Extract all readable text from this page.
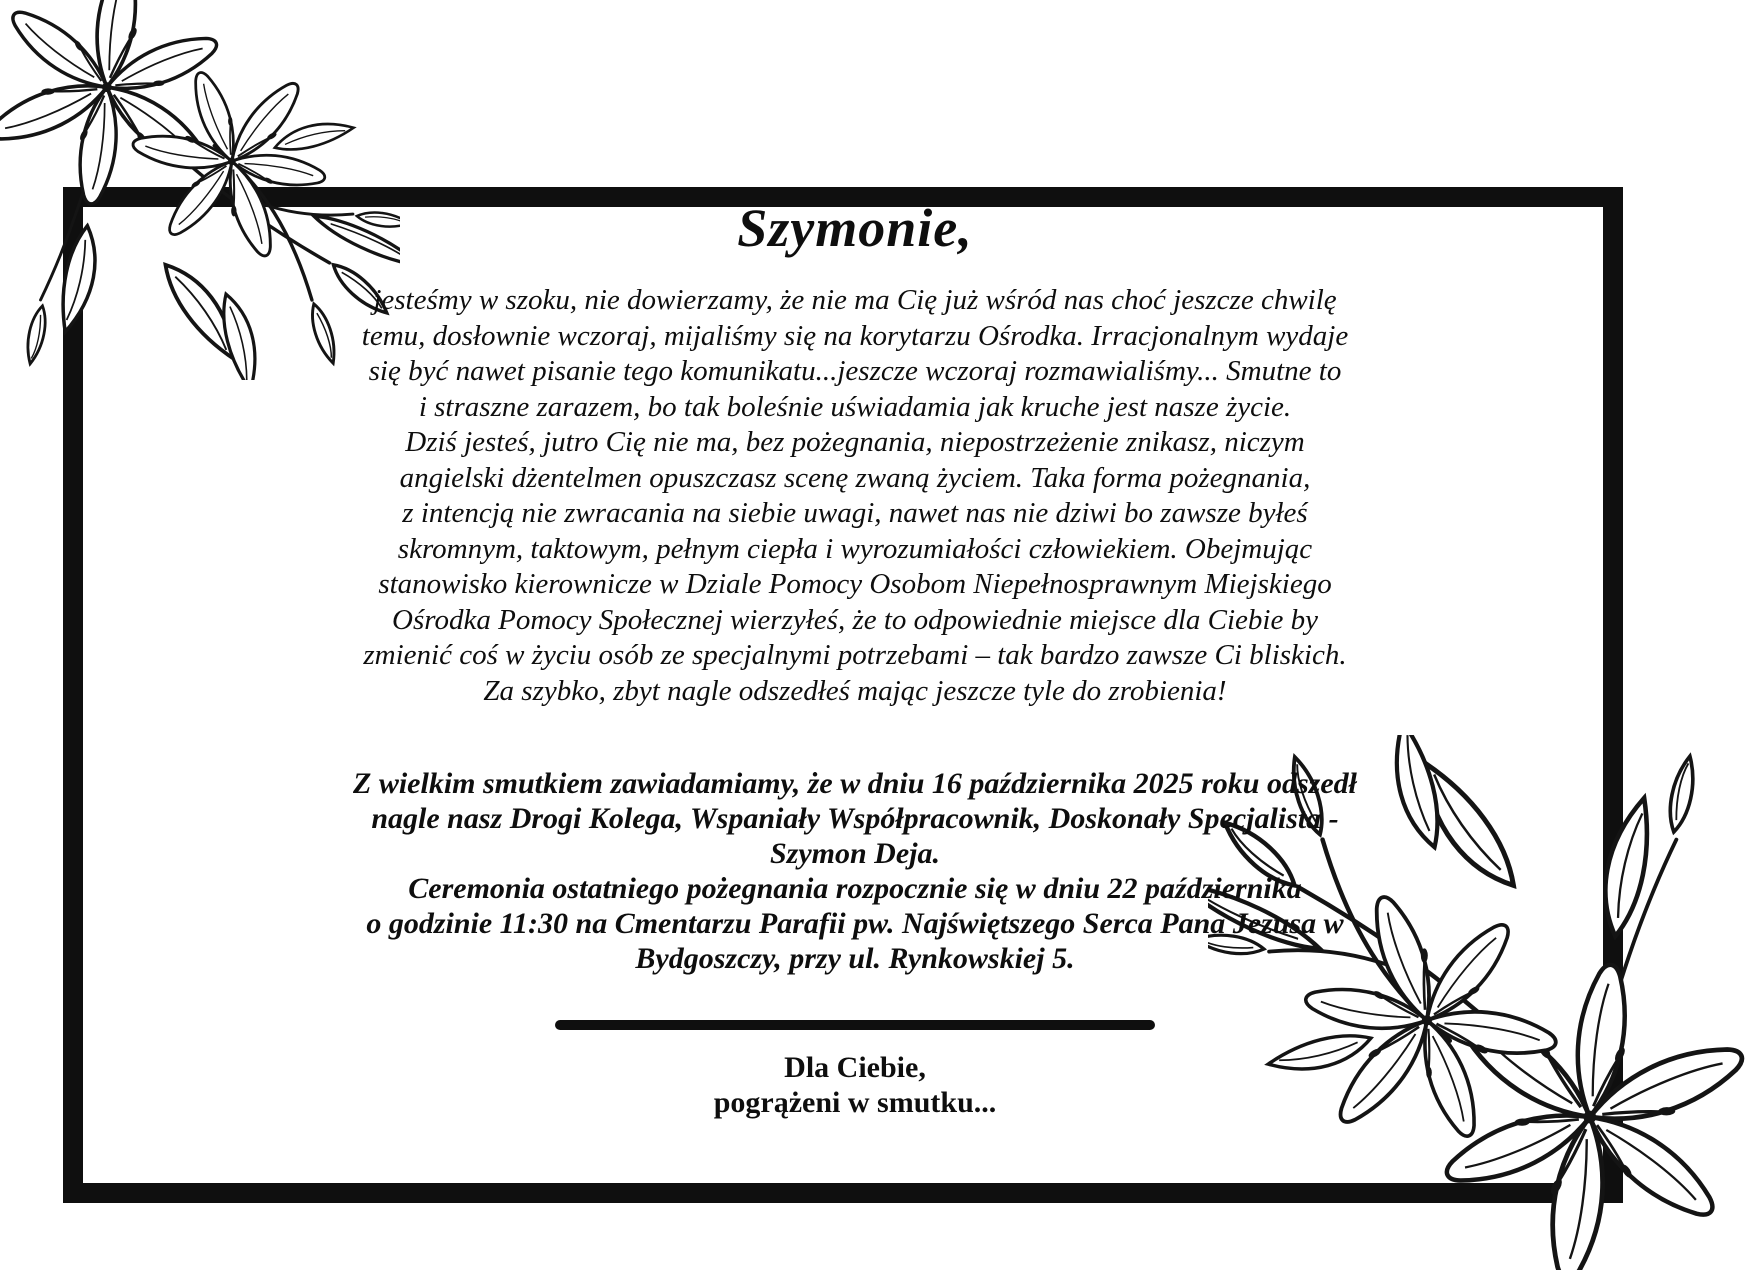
Szymonie,
jesteśmy w szoku, nie dowierzamy, że nie ma Cię już wśród nas choć jeszcze chwilę
temu, dosłownie wczoraj, mijaliśmy się na korytarzu Ośrodka. Irracjonalnym wydaje
się być nawet pisanie tego komunikatu...jeszcze wczoraj rozmawialiśmy... Smutne to
i straszne zarazem, bo tak boleśnie uświadamia jak kruche jest nasze życie.
Dziś jesteś, jutro Cię nie ma, bez pożegnania, niepostrzeżenie znikasz, niczym
angielski dżentelmen opuszczasz scenę zwaną życiem. Taka forma pożegnania,
z intencją nie zwracania na siebie uwagi, nawet nas nie dziwi bo zawsze byłeś
skromnym, taktowym, pełnym ciepła i wyrozumiałości człowiekiem. Obejmując
stanowisko kierownicze w Dziale Pomocy Osobom Niepełnosprawnym Miejskiego
Ośrodka Pomocy Społecznej wierzyłeś, że to odpowiednie miejsce dla Ciebie by
zmienić coś w życiu osób ze specjalnymi potrzebami – tak bardzo zawsze Ci bliskich.
Za szybko, zbyt nagle odszedłeś mając jeszcze tyle do zrobienia!
Z wielkim smutkiem zawiadamiamy, że w dniu 16 października 2025 roku odszedł
nagle nasz Drogi Kolega, Wspaniały Współpracownik, Doskonały Specjalista -
Szymon Deja.
Ceremonia ostatniego pożegnania rozpocznie się w dniu 22 października
o godzinie 11:30 na Cmentarzu Parafii pw. Najświętszego Serca Pana Jezusa w
Bydgoszczy, przy ul. Rynkowskiej 5.
Dla Ciebie,
pogrążeni w smutku...
